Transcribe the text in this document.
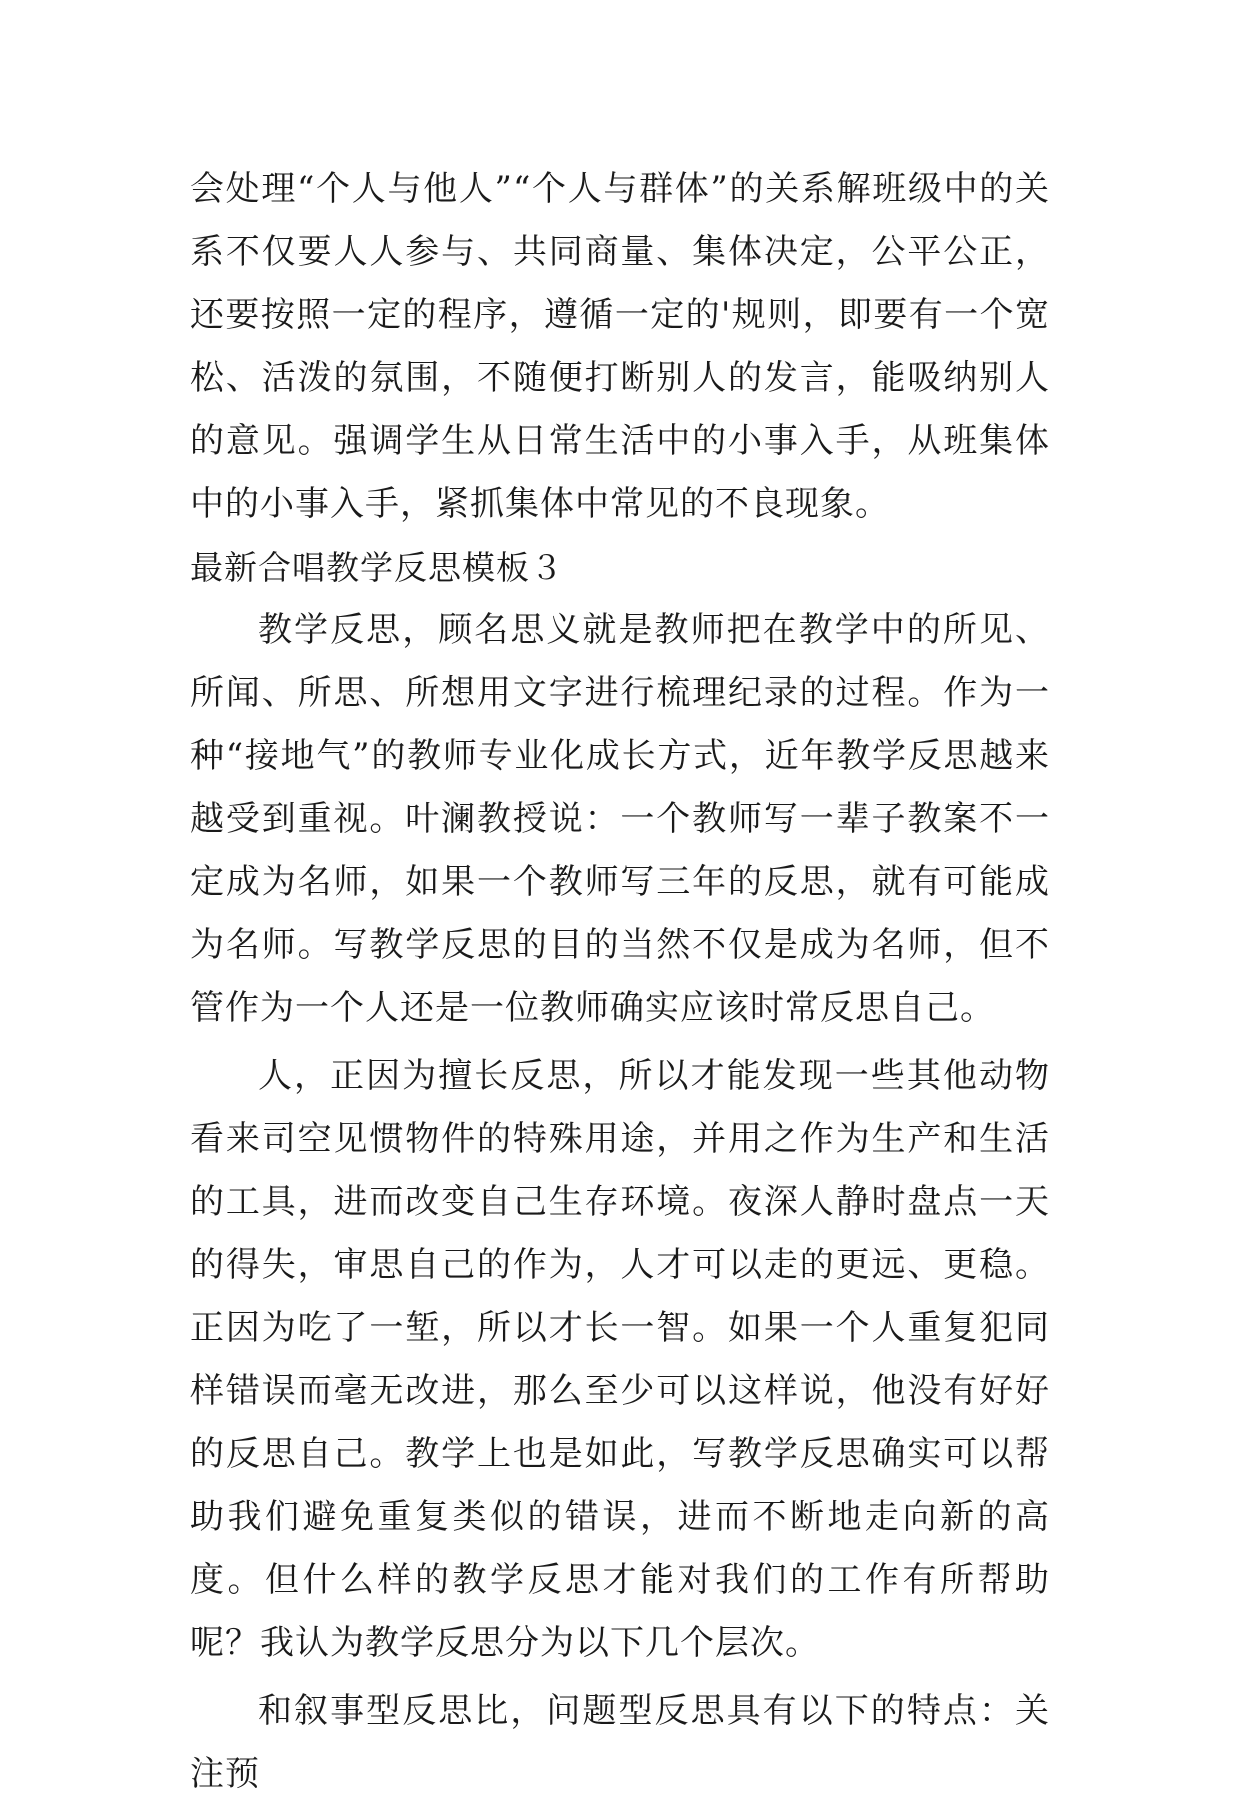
会处理“个人与他人”“个人与群体”的关系解班级中的关系不仅要人人参与、共同商量、集体决定，公平公正，还要按照一定的程序，遵循一定的'规则，即要有一个宽松、活泼的氛围，不随便打断别人的发言，能吸纳别人的意见。强调学生从日常生活中的小事入手，从班集体中的小事入手，紧抓集体中常见的不良现象。

最新合唱教学反思模板３

教学反思，顾名思义就是教师把在教学中的所见、所闻、所思、所想用文字进行梳理纪录的过程。作为一种“接地气”的教师专业化成长方式，近年教学反思越来越受到重视。叶澜教授说：一个教师写一辈子教案不一定成为名师，如果一个教师写三年的反思，就有可能成为名师。写教学反思的目的当然不仅是成为名师，但不管作为一个人还是一位教师确实应该时常反思自己。

人，正因为擅长反思，所以才能发现一些其他动物看来司空见惯物件的特殊用途，并用之作为生产和生活的工具，进而改变自己生存环境。夜深人静时盘点一天的得失，审思自己的作为，人才可以走的更远、更稳。正因为吃了一堑，所以才长一智。如果一个人重复犯同样错误而毫无改进，那么至少可以这样说，他没有好好的反思自己。教学上也是如此，写教学反思确实可以帮助我们避免重复类似的错误，进而不断地走向新的高度。但什么样的教学反思才能对我们的工作有所帮助呢？我认为教学反思分为以下几个层次。

和叙事型反思比，问题型反思具有以下的特点：关注预
